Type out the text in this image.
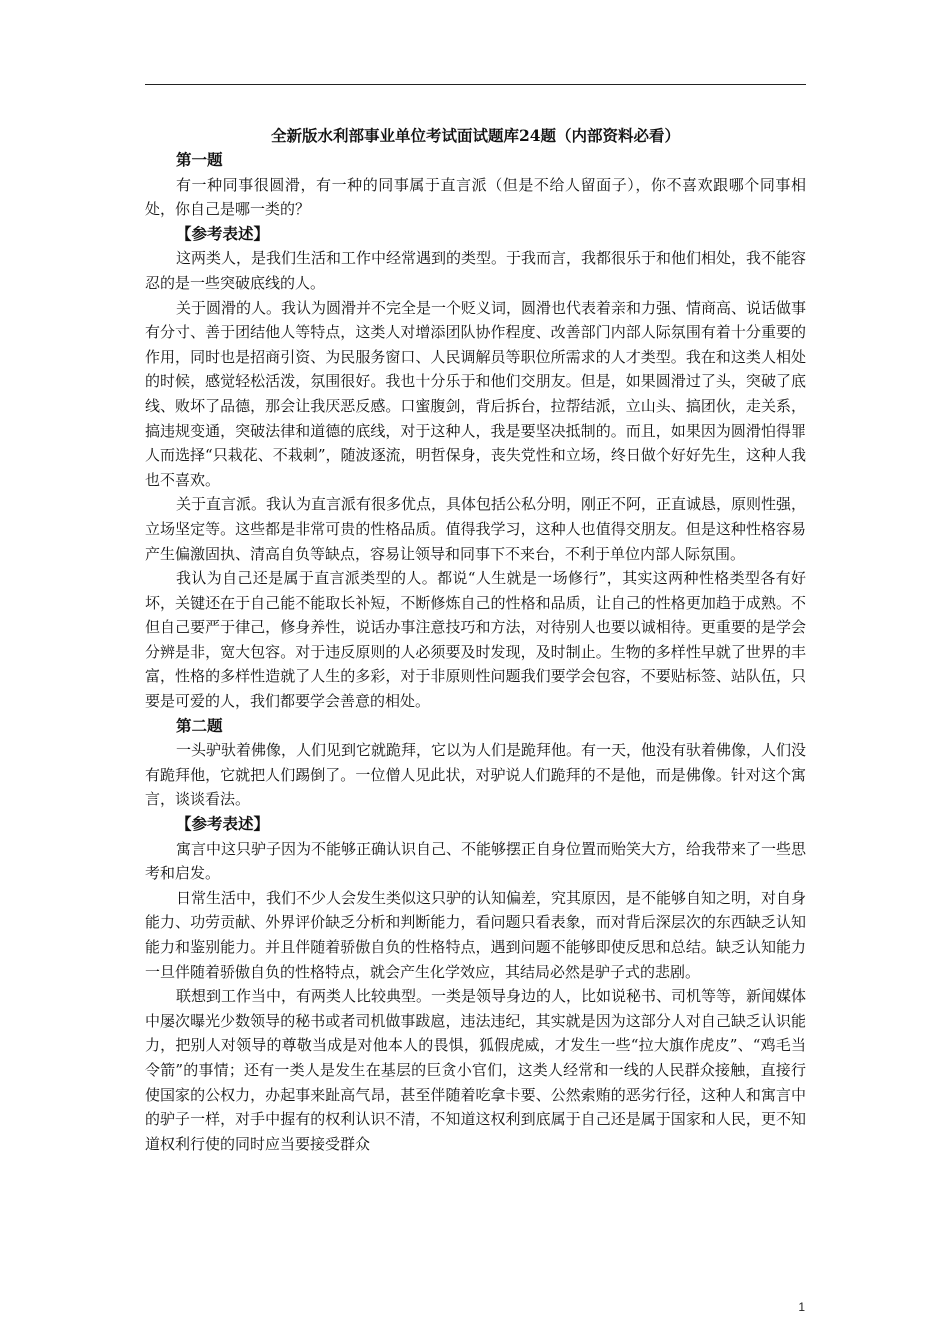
全新版水利部事业单位考试面试题库24题（内部资料必看）

第一题

有一种同事很圆滑，有一种的同事属于直言派（但是不给人留面子），你不喜欢跟哪个同事相处，你自己是哪一类的？

【参考表述】

这两类人，是我们生活和工作中经常遇到的类型。于我而言，我都很乐于和他们相处，我不能容忍的是一些突破底线的人。

关于圆滑的人。我认为圆滑并不完全是一个贬义词，圆滑也代表着亲和力强、情商高、说话做事有分寸、善于团结他人等特点，这类人对增添团队协作程度、改善部门内部人际氛围有着十分重要的作用，同时也是招商引资、为民服务窗口、人民调解员等职位所需求的人才类型。我在和这类人相处的时候，感觉轻松活泼，氛围很好。我也十分乐于和他们交朋友。但是，如果圆滑过了头，突破了底线、败坏了品德，那会让我厌恶反感。口蜜腹剑，背后拆台，拉帮结派，立山头、搞团伙，走关系，搞违规变通，突破法律和道德的底线，对于这种人，我是要坚决抵制的。而且，如果因为圆滑怕得罪人而选择“只栽花、不栽刺”，随波逐流，明哲保身，丧失党性和立场，终日做个好好先生，这种人我也不喜欢。

关于直言派。我认为直言派有很多优点，具体包括公私分明，刚正不阿，正直诚恳，原则性强，立场坚定等。这些都是非常可贵的性格品质。值得我学习，这种人也值得交朋友。但是这种性格容易产生偏激固执、清高自负等缺点，容易让领导和同事下不来台，不利于单位内部人际氛围。

我认为自己还是属于直言派类型的人。都说“人生就是一场修行”，其实这两种性格类型各有好坏，关键还在于自己能不能取长补短，不断修炼自己的性格和品质，让自己的性格更加趋于成熟。不但自己要严于律己，修身养性，说话办事注意技巧和方法，对待别人也要以诚相待。更重要的是学会分辨是非，宽大包容。对于违反原则的人必须要及时发现，及时制止。生物的多样性早就了世界的丰富，性格的多样性造就了人生的多彩，对于非原则性问题我们要学会包容，不要贴标签、站队伍，只要是可爱的人，我们都要学会善意的相处。

第二题

一头驴驮着佛像，人们见到它就跪拜，它以为人们是跪拜他。有一天，他没有驮着佛像，人们没有跪拜他，它就把人们踢倒了。一位僧人见此状，对驴说人们跪拜的不是他，而是佛像。针对这个寓言，谈谈看法。

【参考表述】

寓言中这只驴子因为不能够正确认识自己、不能够摆正自身位置而贻笑大方，给我带来了一些思考和启发。

日常生活中，我们不少人会发生类似这只驴的认知偏差，究其原因，是不能够自知之明，对自身能力、功劳贡献、外界评价缺乏分析和判断能力，看问题只看表象，而对背后深层次的东西缺乏认知能力和鉴别能力。并且伴随着骄傲自负的性格特点，遇到问题不能够即使反思和总结。缺乏认知能力一旦伴随着骄傲自负的性格特点，就会产生化学效应，其结局必然是驴子式的悲剧。

联想到工作当中，有两类人比较典型。一类是领导身边的人，比如说秘书、司机等等，新闻媒体中屡次曝光少数领导的秘书或者司机做事跋扈，违法违纪，其实就是因为这部分人对自己缺乏认识能力，把别人对领导的尊敬当成是对他本人的畏惧，狐假虎威，才发生一些“拉大旗作虎皮”、“鸡毛当令箭”的事情；还有一类人是发生在基层的巨贪小官们，这类人经常和一线的人民群众接触，直接行使国家的公权力，办起事来趾高气昂，甚至伴随着吃拿卡要、公然索贿的恶劣行径，这种人和寓言中的驴子一样，对手中握有的权利认识不清，不知道这权利到底属于自己还是属于国家和人民，更不知道权利行使的同时应当要接受群众

1
